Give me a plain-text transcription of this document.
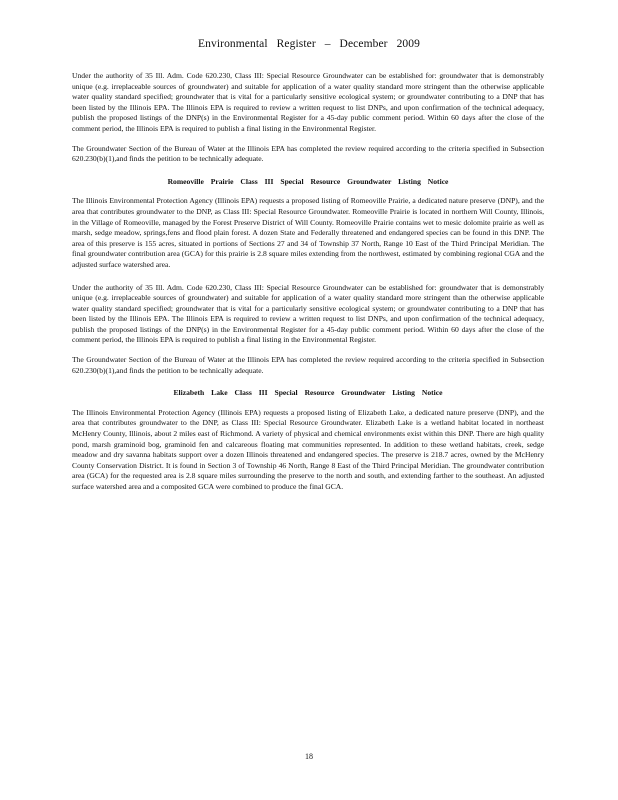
Environmental Register – December 2009

Under the authority of 35 Ill. Adm. Code 620.230, Class III: Special Resource Groundwater can be established for: groundwater that is demonstrably unique (e.g. irreplaceable sources of groundwater) and suitable for application of a water quality standard more stringent than the otherwise applicable water quality standard specified; groundwater that is vital for a particularly sensitive ecological system; or groundwater contributing to a DNP that has been listed by the Illinois EPA. The Illinois EPA is required to review a written request to list DNPs, and upon confirmation of the technical adequacy, publish the proposed listings of the DNP(s) in the Environmental Register for a 45-day public comment period. Within 60 days after the close of the comment period, the Illinois EPA is required to publish a final listing in the Environmental Register.

The Groundwater Section of the Bureau of Water at the Illinois EPA has completed the review required according to the criteria specified in Subsection 620.230(b)(1),and finds the petition to be technically adequate.

Romeoville Prairie Class III Special Resource Groundwater Listing Notice

The Illinois Environmental Protection Agency (Illinois EPA) requests a proposed listing of Romeoville Prairie, a dedicated nature preserve (DNP), and the area that contributes groundwater to the DNP, as Class III: Special Resource Groundwater. Romeoville Prairie is located in northern Will County, Illinois, in the Village of Romeoville, managed by the Forest Preserve District of Will County. Romeoville Prairie contains wet to mesic dolomite prairie as well as marsh, sedge meadow, springs,fens and flood plain forest. A dozen State and Federally threatened and endangered species can be found in this DNP. The area of this preserve is 155 acres, situated in portions of Sections 27 and 34 of Township 37 North, Range 10 East of the Third Principal Meridian. The final groundwater contribution area (GCA) for this prairie is 2.8 square miles extending from the northwest, estimated by combining regional CGA and the adjusted surface watershed area.

Under the authority of 35 Ill. Adm. Code 620.230, Class III: Special Resource Groundwater can be established for: groundwater that is demonstrably unique (e.g. irreplaceable sources of groundwater) and suitable for application of a water quality standard more stringent than the otherwise applicable water quality standard specified; groundwater that is vital for a particularly sensitive ecological system; or groundwater contributing to a DNP that has been listed by the Illinois EPA. The Illinois EPA is required to review a written request to list DNPs, and upon confirmation of the technical adequacy, publish the proposed listings of the DNP(s) in the Environmental Register for a 45-day public comment period. Within 60 days after the close of the comment period, the Illinois EPA is required to publish a final listing in the Environmental Register.

The Groundwater Section of the Bureau of Water at the Illinois EPA has completed the review required according to the criteria specified in Subsection 620.230(b)(1),and finds the petition to be technically adequate.

Elizabeth Lake Class III Special Resource Groundwater Listing Notice

The Illinois Environmental Protection Agency (Illinois EPA) requests a proposed listing of Elizabeth Lake, a dedicated nature preserve (DNP), and the area that contributes groundwater to the DNP, as Class III: Special Resource Groundwater. Elizabeth Lake is a wetland habitat located in northeast McHenry County, Illinois, about 2 miles east of Richmond. A variety of physical and chemical environments exist within this DNP. There are high quality pond, marsh graminoid bog, graminoid fen and calcareous floating mat communities represented. In addition to these wetland habitats, creek, sedge meadow and dry savanna habitats support over a dozen Illinois threatened and endangered species. The preserve is 218.7 acres, owned by the McHenry County Conservation District. It is found in Section 3 of Township 46 North, Range 8 East of the Third Principal Meridian. The groundwater contribution area (GCA) for the requested area is 2.8 square miles surrounding the preserve to the north and south, and extending farther to the southeast. An adjusted surface watershed area and a composited GCA were combined to produce the final GCA.

18
